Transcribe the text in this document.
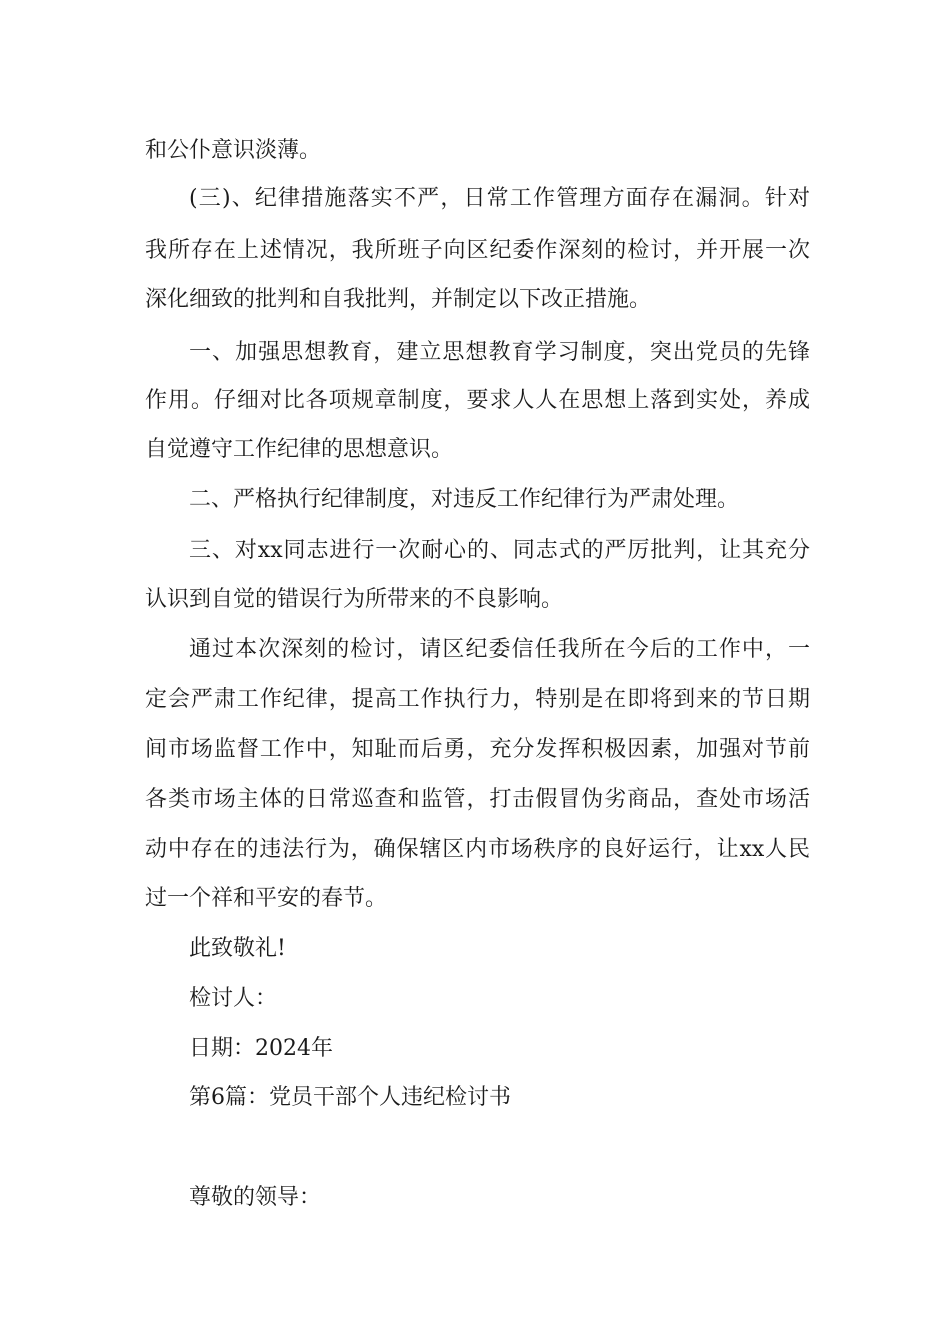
和公仆意识淡薄。
(三)、纪律措施落实不严，日常工作管理方面存在漏洞。针对
我所存在上述情况，我所班子向区纪委作深刻的检讨，并开展一次
深化细致的批判和自我批判，并制定以下改正措施。
一、加强思想教育，建立思想教育学习制度，突出党员的先锋
作用。仔细对比各项规章制度，要求人人在思想上落到实处，养成
自觉遵守工作纪律的思想意识。
二、严格执行纪律制度，对违反工作纪律行为严肃处理。
三、对xx同志进行一次耐心的、同志式的严厉批判，让其充分
认识到自觉的错误行为所带来的不良影响。
通过本次深刻的检讨，请区纪委信任我所在今后的工作中，一
定会严肃工作纪律，提高工作执行力，特别是在即将到来的节日期
间市场监督工作中，知耻而后勇，充分发挥积极因素，加强对节前
各类市场主体的日常巡查和监管，打击假冒伪劣商品，查处市场活
动中存在的违法行为，确保辖区内市场秩序的良好运行，让xx人民
过一个祥和平安的春节。
此致敬礼!
检讨人：
日期：2024年
第6篇：党员干部个人违纪检讨书
尊敬的领导：
